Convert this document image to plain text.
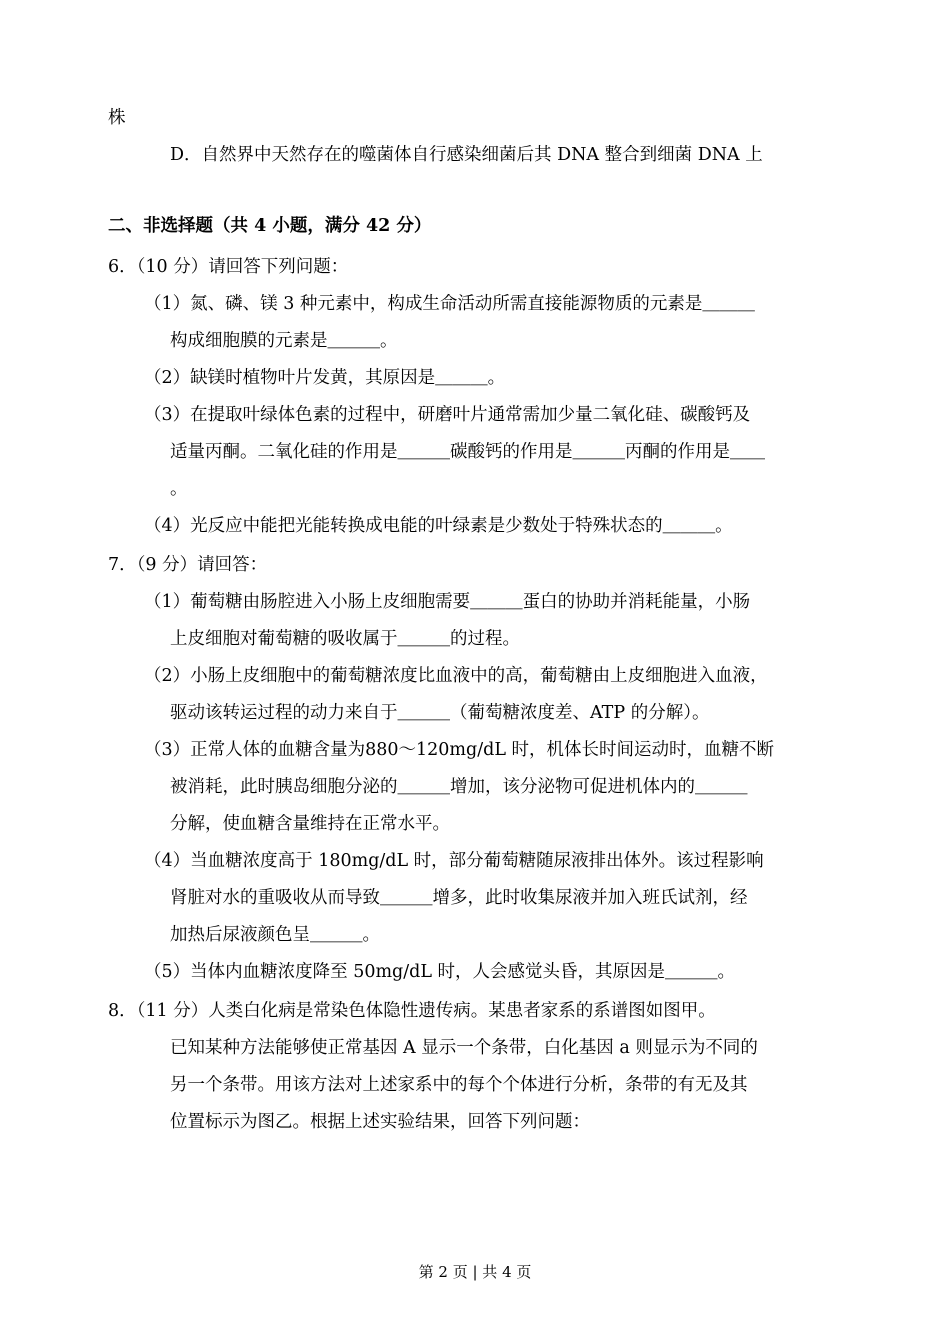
株
D．自然界中天然存在的噬菌体自行感染细菌后其 DNA 整合到细菌 DNA 上
二、非选择题（共 4 小题，满分 42 分）
6．（10 分）请回答下列问题：
（1）氮、磷、镁 3 种元素中，构成生命活动所需直接能源物质的元素是＿＿＿
构成细胞膜的元素是＿＿＿。
（2）缺镁时植物叶片发黄，其原因是＿＿＿。
（3）在提取叶绿体色素的过程中，研磨叶片通常需加少量二氧化硅、碳酸钙及
适量丙酮。二氧化硅的作用是＿＿＿碳酸钙的作用是＿＿＿丙酮的作用是＿＿
。
（4）光反应中能把光能转换成电能的叶绿素是少数处于特殊状态的＿＿＿。
7．（9 分）请回答：
（1）葡萄糖由肠腔进入小肠上皮细胞需要＿＿＿蛋白的协助并消耗能量，小肠
上皮细胞对葡萄糖的吸收属于＿＿＿的过程。
（2）小肠上皮细胞中的葡萄糖浓度比血液中的高，葡萄糖由上皮细胞进入血液，
驱动该转运过程的动力来自于＿＿＿（葡萄糖浓度差、ATP 的分解）。
（3）正常人体的血糖含量为880～120mg/dL 时，机体长时间运动时，血糖不断
被消耗，此时胰岛细胞分泌的＿＿＿增加，该分泌物可促进机体内的＿＿＿
分解，使血糖含量维持在正常水平。
（4）当血糖浓度高于 180mg/dL 时，部分葡萄糖随尿液排出体外。该过程影响
肾脏对水的重吸收从而导致＿＿＿增多，此时收集尿液并加入班氏试剂，经
加热后尿液颜色呈＿＿＿。
（5）当体内血糖浓度降至 50mg/dL 时，人会感觉头昏，其原因是＿＿＿。
8．（11 分）人类白化病是常染色体隐性遗传病。某患者家系的系谱图如图甲。
已知某种方法能够使正常基因 A 显示一个条带，白化基因 a 则显示为不同的
另一个条带。用该方法对上述家系中的每个个体进行分析，条带的有无及其
位置标示为图乙。根据上述实验结果，回答下列问题：
第 2 页 | 共 4 页
